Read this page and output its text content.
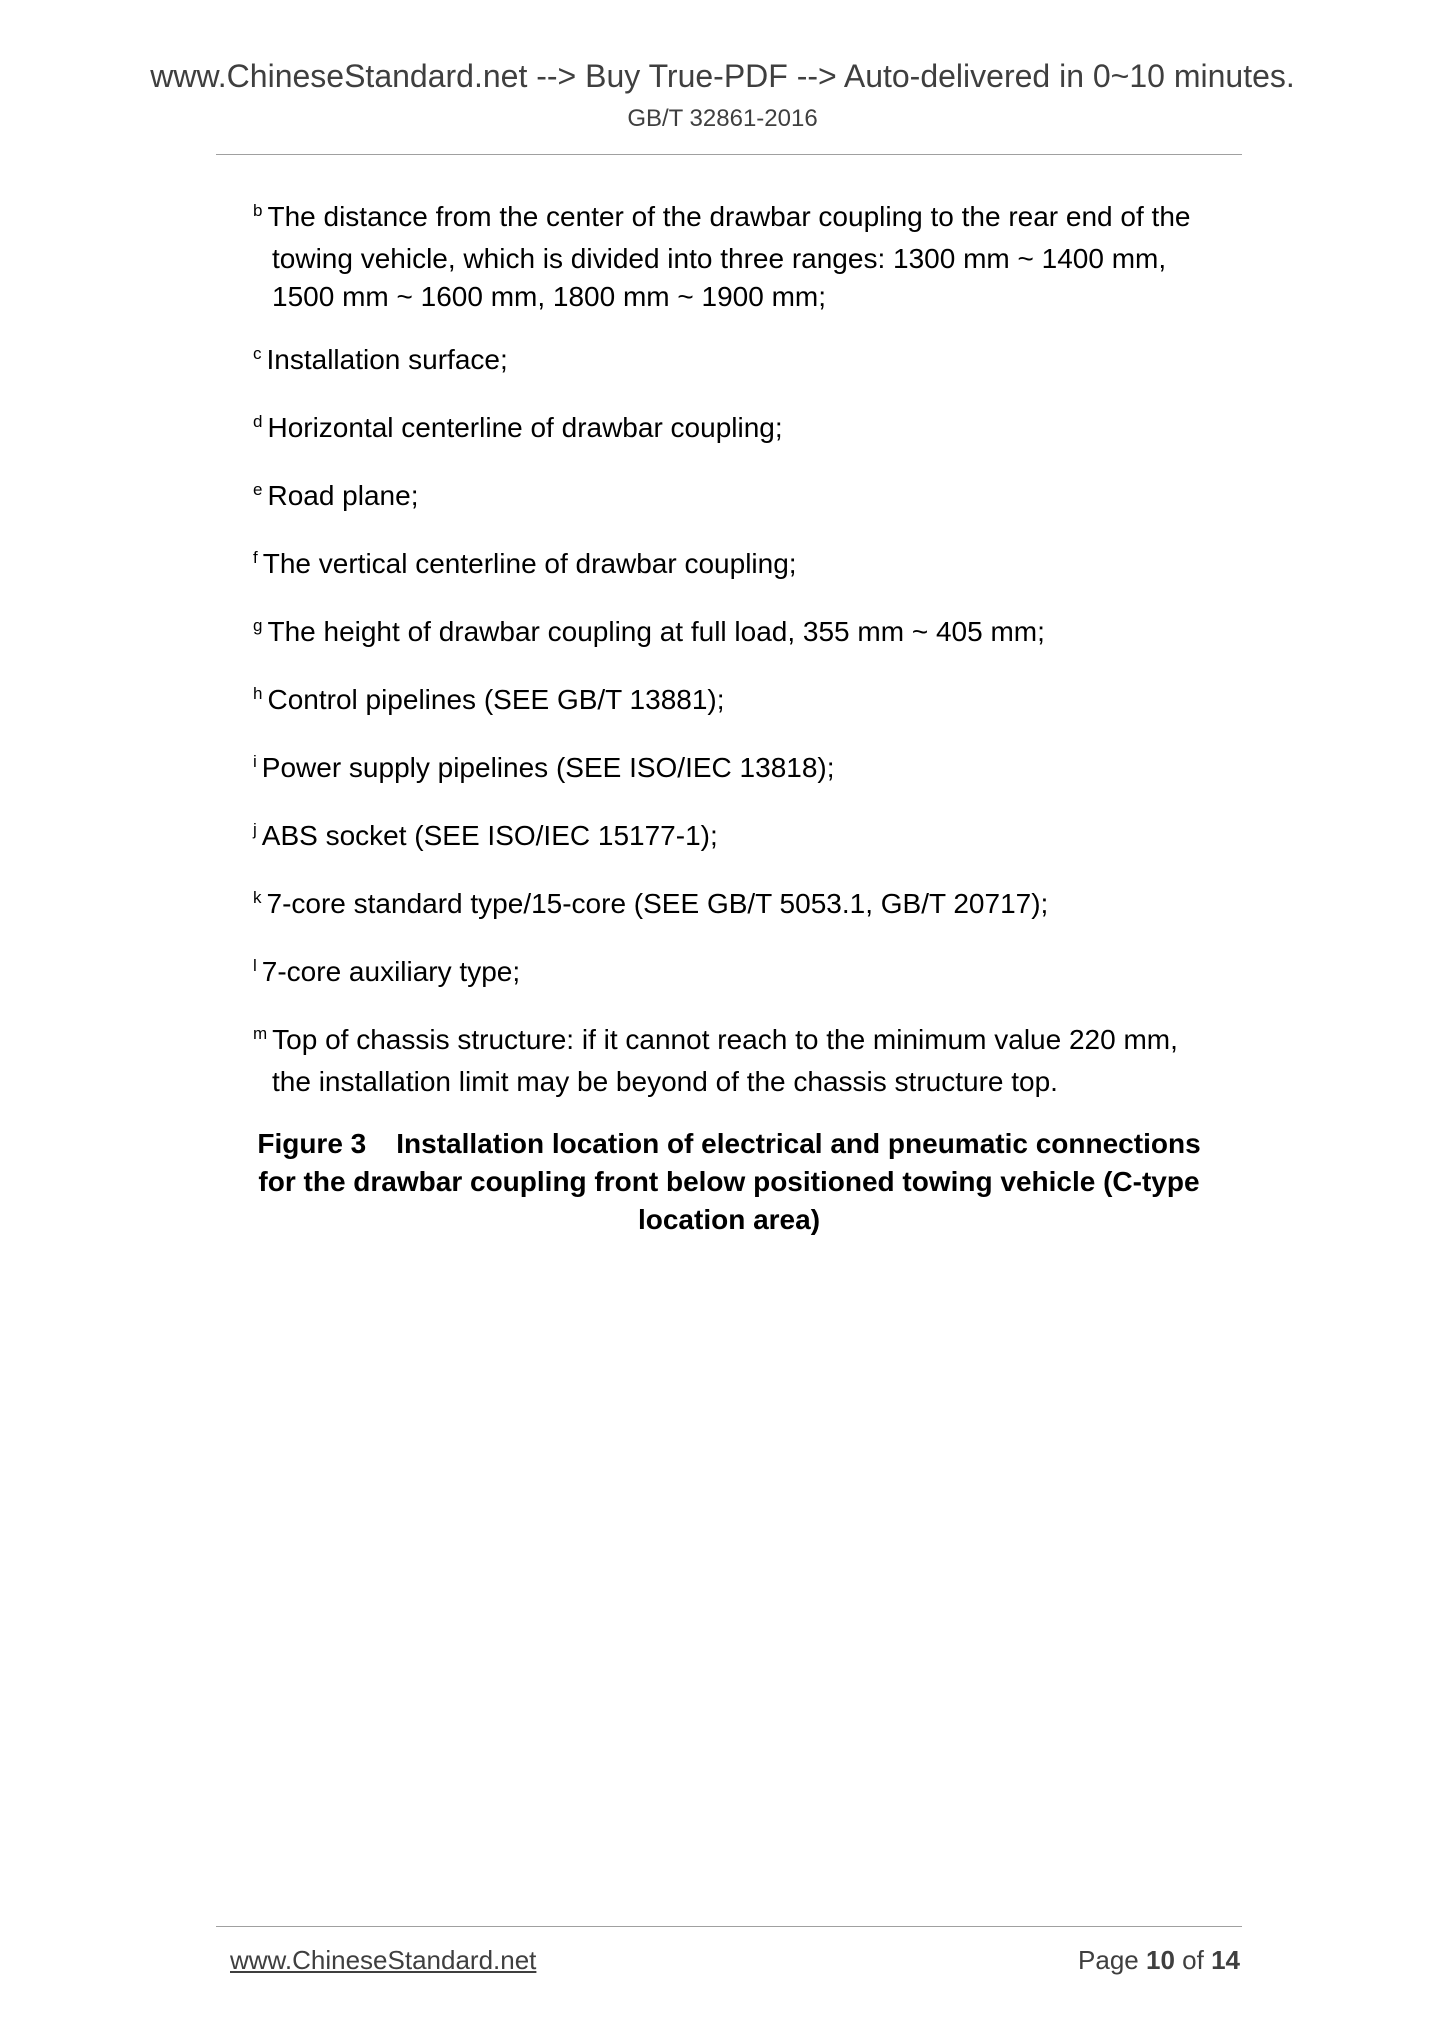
www.ChineseStandard.net --> Buy True-PDF --> Auto-delivered in 0~10 minutes.
GB/T 32861-2016
$^b$ The distance from the center of the drawbar coupling to the rear end of the
towing vehicle, which is divided into three ranges: 1300 mm ~ 1400 mm,
1500 mm ~ 1600 mm, 1800 mm ~ 1900 mm;
$^c$ Installation surface;
$^d$ Horizontal centerline of drawbar coupling;
$^e$ Road plane;
$^f$ The vertical centerline of drawbar coupling;
$^g$ The height of drawbar coupling at full load, 355 mm ~ 405 mm;
$^h$ Control pipelines (SEE GB/T 13881);
$^i$ Power supply pipelines (SEE ISO/IEC 13818);
$^j$ ABS socket (SEE ISO/IEC 15177-1);
$^k$ 7-core standard type/15-core (SEE GB/T 5053.1, GB/T 20717);
$^l$ 7-core auxiliary type;
$^m$ Top of chassis structure: if it cannot reach to the minimum value 220 mm,
the installation limit may be beyond of the chassis structure top.
Figure 3 Installation location of electrical and pneumatic connections
for the drawbar coupling front below positioned towing vehicle (C-type
location area)
www.ChineseStandard.net	Page 10 of 14
